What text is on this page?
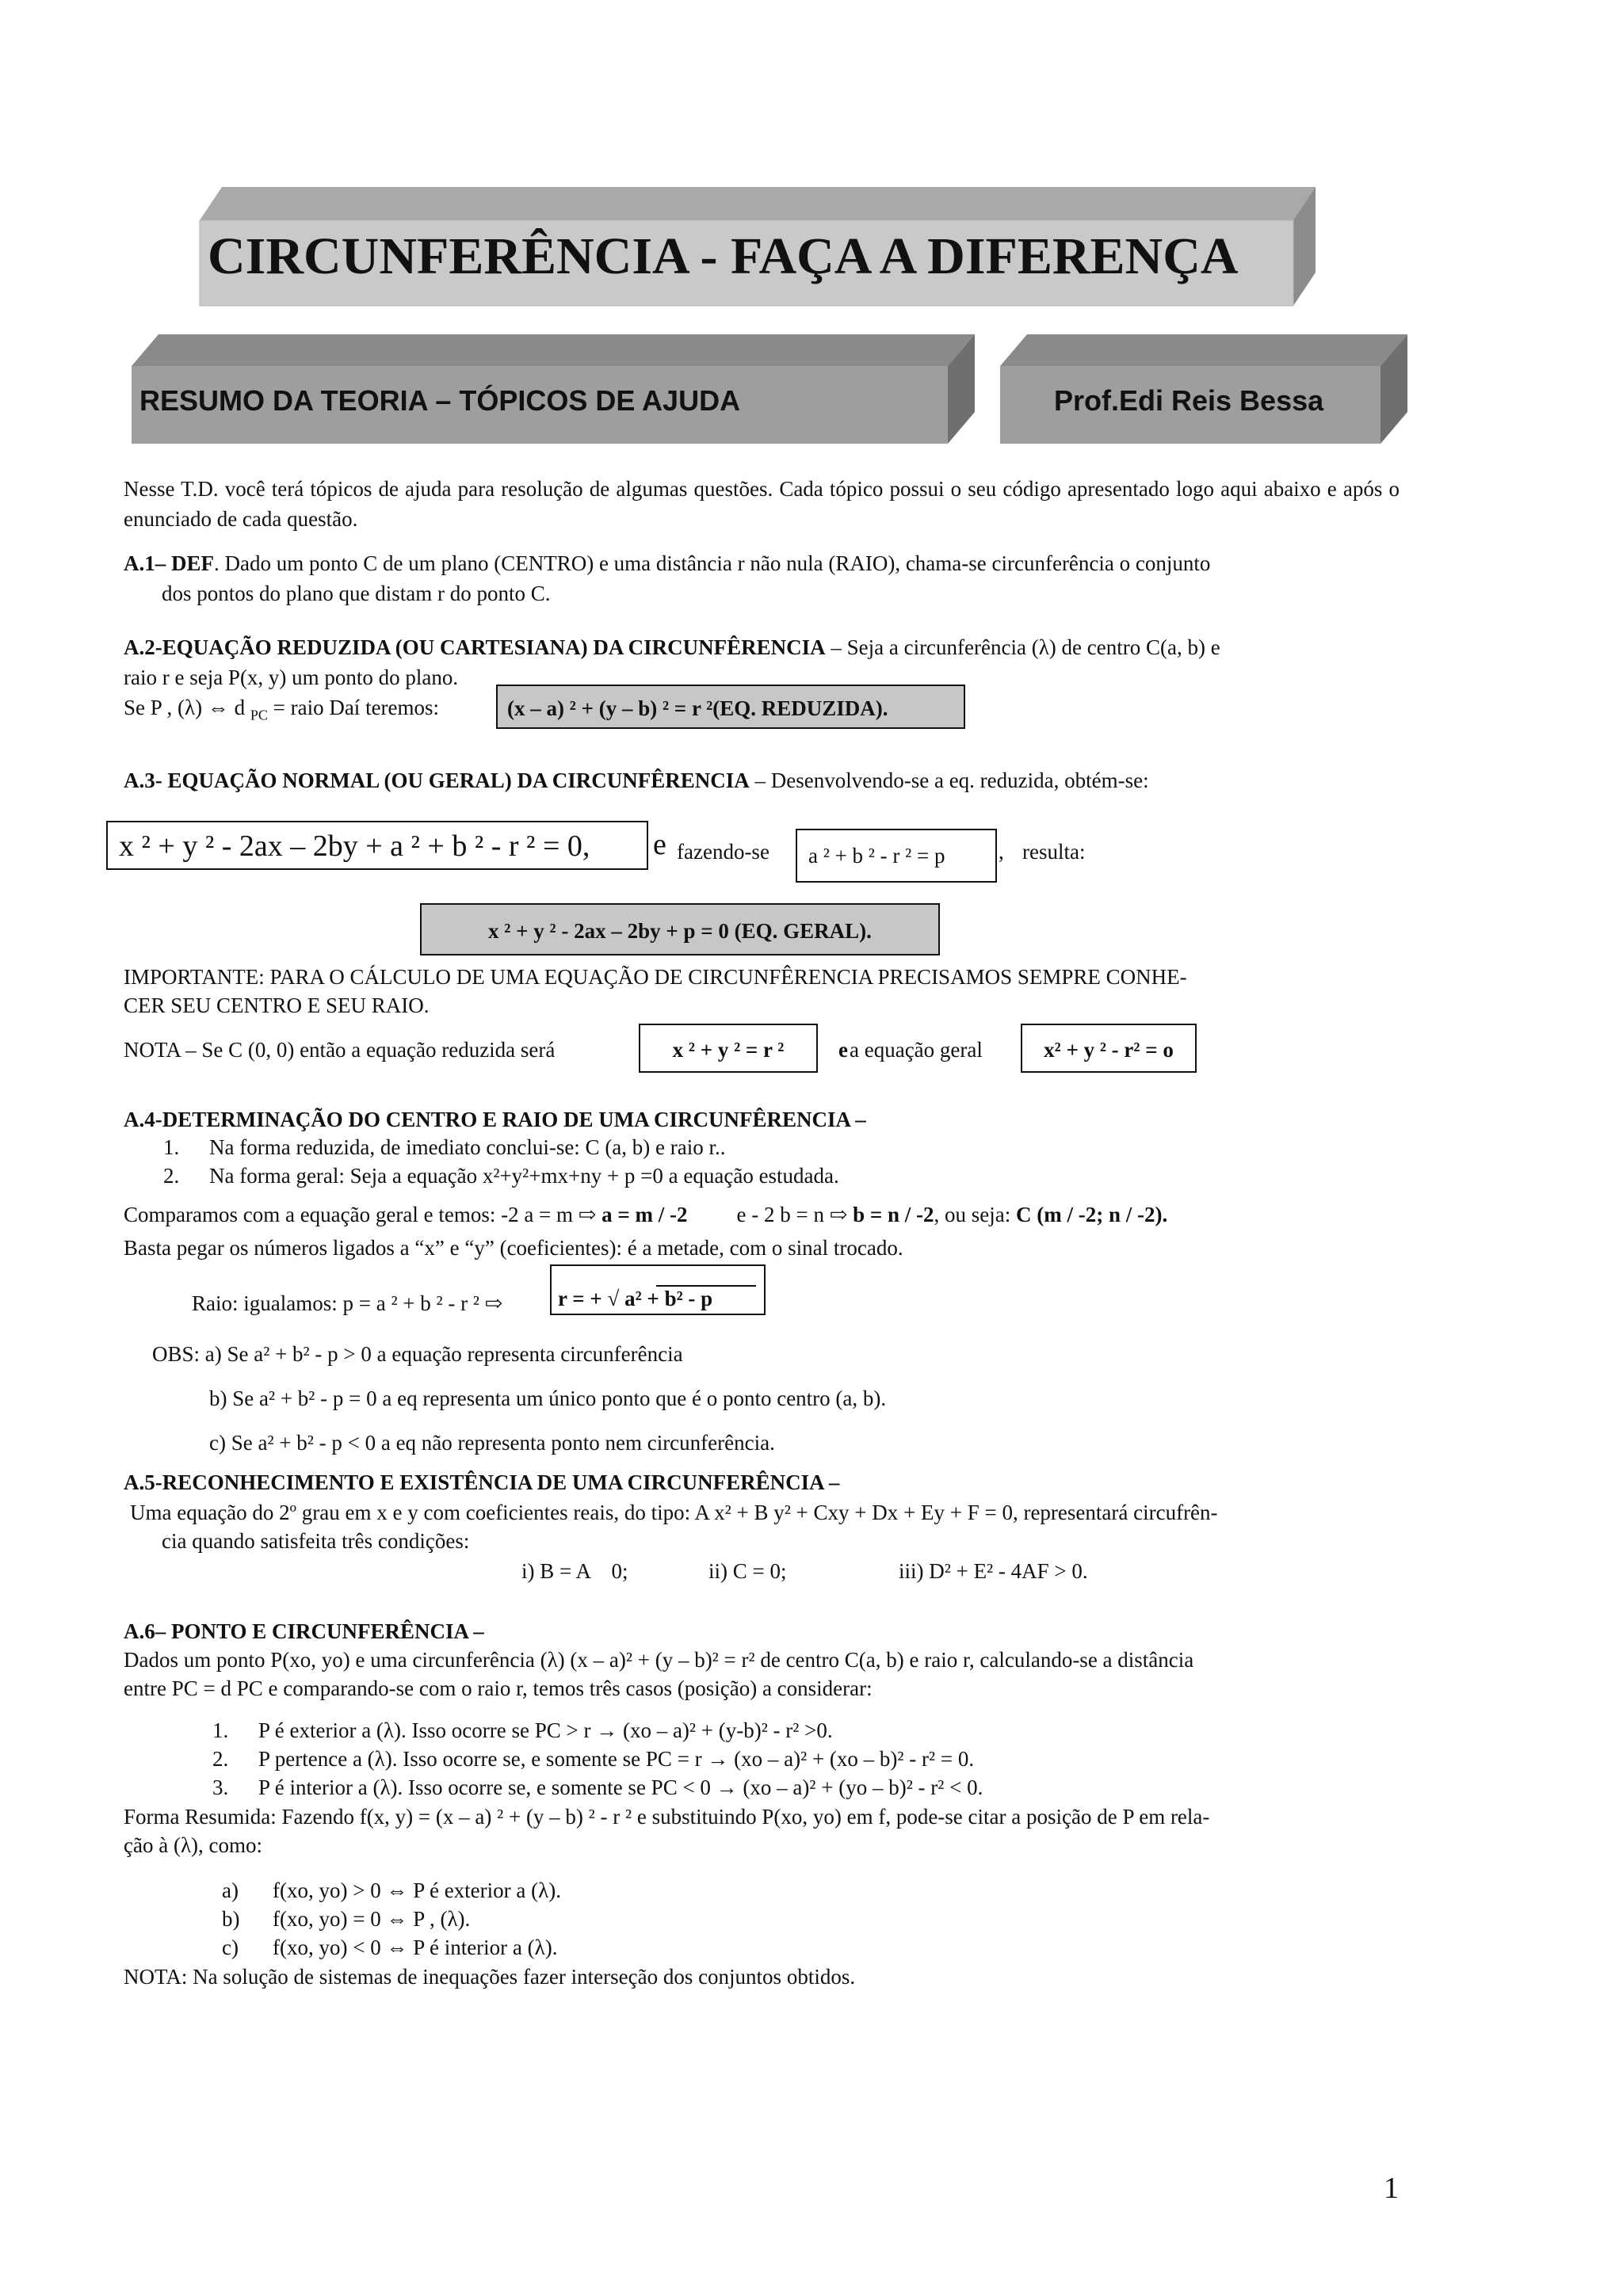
CIRCUNFERÊNCIA - FAÇA A DIFERENÇA
RESUMO DA TEORIA – TÓPICOS DE AJUDA	Prof.Edi Reis Bessa
Nesse T.D. você terá tópicos de ajuda para resolução de algumas questões. Cada tópico possui o seu código apresentado logo aqui abaixo e após o enunciado de cada questão.
A.1– DEF. Dado um ponto C de um plano (CENTRO) e uma distância r não nula (RAIO), chama-se circunferência o conjunto
dos pontos do plano que distam r do ponto C.
A.2-EQUAÇÃO REDUZIDA (OU CARTESIANA) DA CIRCUNFÊRENCIA – Seja a circunferência (λ) de centro C(a, b) e
raio r e seja P(x, y) um ponto do plano.
Se P , (λ) ⇔ d $_{PC}$ = raio Daí teremos:	(x – a) ² + (y – b) ² = r ²(EQ. REDUZIDA).
A.3- EQUAÇÃO NORMAL (OU GERAL) DA CIRCUNFÊRENCIA – Desenvolvendo-se a eq. reduzida, obtém-se:
x ² + y ² - 2ax – 2by + a ² + b ² - r ² = 0,	e fazendo-se	a ² + b ² - r ² = p	, resulta:
x ² + y ² - 2ax – 2by + p = 0 (EQ. GERAL).
IMPORTANTE: PARA O CÁLCULO DE UMA EQUAÇÃO DE CIRCUNFÊRENCIA PRECISAMOS SEMPRE CONHE-
CER SEU CENTRO E SEU RAIO.
NOTA – Se C (0, 0) então a equação reduzida será	x ² + y ² = r ²	e a equação geral	x² + y ² - r² = o
A.4-DETERMINAÇÃO DO CENTRO E RAIO DE UMA CIRCUNFÊRENCIA –
1. Na forma reduzida, de imediato conclui-se: C (a, b) e raio r..
2. Na forma geral: Seja a equação x²+y²+mx+ny + p =0 a equação estudada.
Comparamos com a equação geral e temos: -2 a = m ⇨ a = m / -2 e - 2 b = n ⇨ b = n / -2, ou seja: C (m / -2; n / -2).
Basta pegar os números ligados a “x” e “y” (coeficientes): é a metade, com o sinal trocado.
Raio: igualamos: p = a ² + b ² - r ² ⇨	r = + √ a² + b² - p
OBS: a) Se a² + b² - p > 0 a equação representa circunferência
b) Se a² + b² - p = 0 a eq representa um único ponto que é o ponto centro (a, b).
c) Se a² + b² - p < 0 a eq não representa ponto nem circunferência.
A.5-RECONHECIMENTO E EXISTÊNCIA DE UMA CIRCUNFERÊNCIA –
Uma equação do 2º grau em x e y com coeficientes reais, do tipo: A x² + B y² + Cxy + Dx + Ey + F = 0, representará circufrên-
cia quando satisfeita três condições:
i) B = A    0;	ii) C = 0;	iii) D² + E² - 4AF > 0.
A.6– PONTO E CIRCUNFERÊNCIA –
Dados um ponto P(xo, yo) e uma circunferência (λ) (x – a)² + (y – b)² = r² de centro C(a, b) e raio r, calculando-se a distância
entre PC = d PC e comparando-se com o raio r, temos três casos (posição) a considerar:
1. P é exterior a (λ). Isso ocorre se PC > r → (xo – a)² + (y-b)² - r² >0.
2. P pertence a (λ). Isso ocorre se, e somente se PC = r → (xo – a)² + (xo – b)² - r² = 0.
3. P é interior a (λ). Isso ocorre se, e somente se PC < 0 → (xo – a)² + (yo – b)² - r² < 0.
Forma Resumida: Fazendo f(x, y) = (x – a) ² + (y – b) ² - r ² e substituindo P(xo, yo) em f, pode-se citar a posição de P em rela-
ção à (λ), como:
a) f(xo, yo) > 0 ⇔ P é exterior a (λ).
b) f(xo, yo) = 0 ⇔ P , (λ).
c) f(xo, yo) < 0 ⇔ P é interior a (λ).
NOTA: Na solução de sistemas de inequações fazer interseção dos conjuntos obtidos.
1
